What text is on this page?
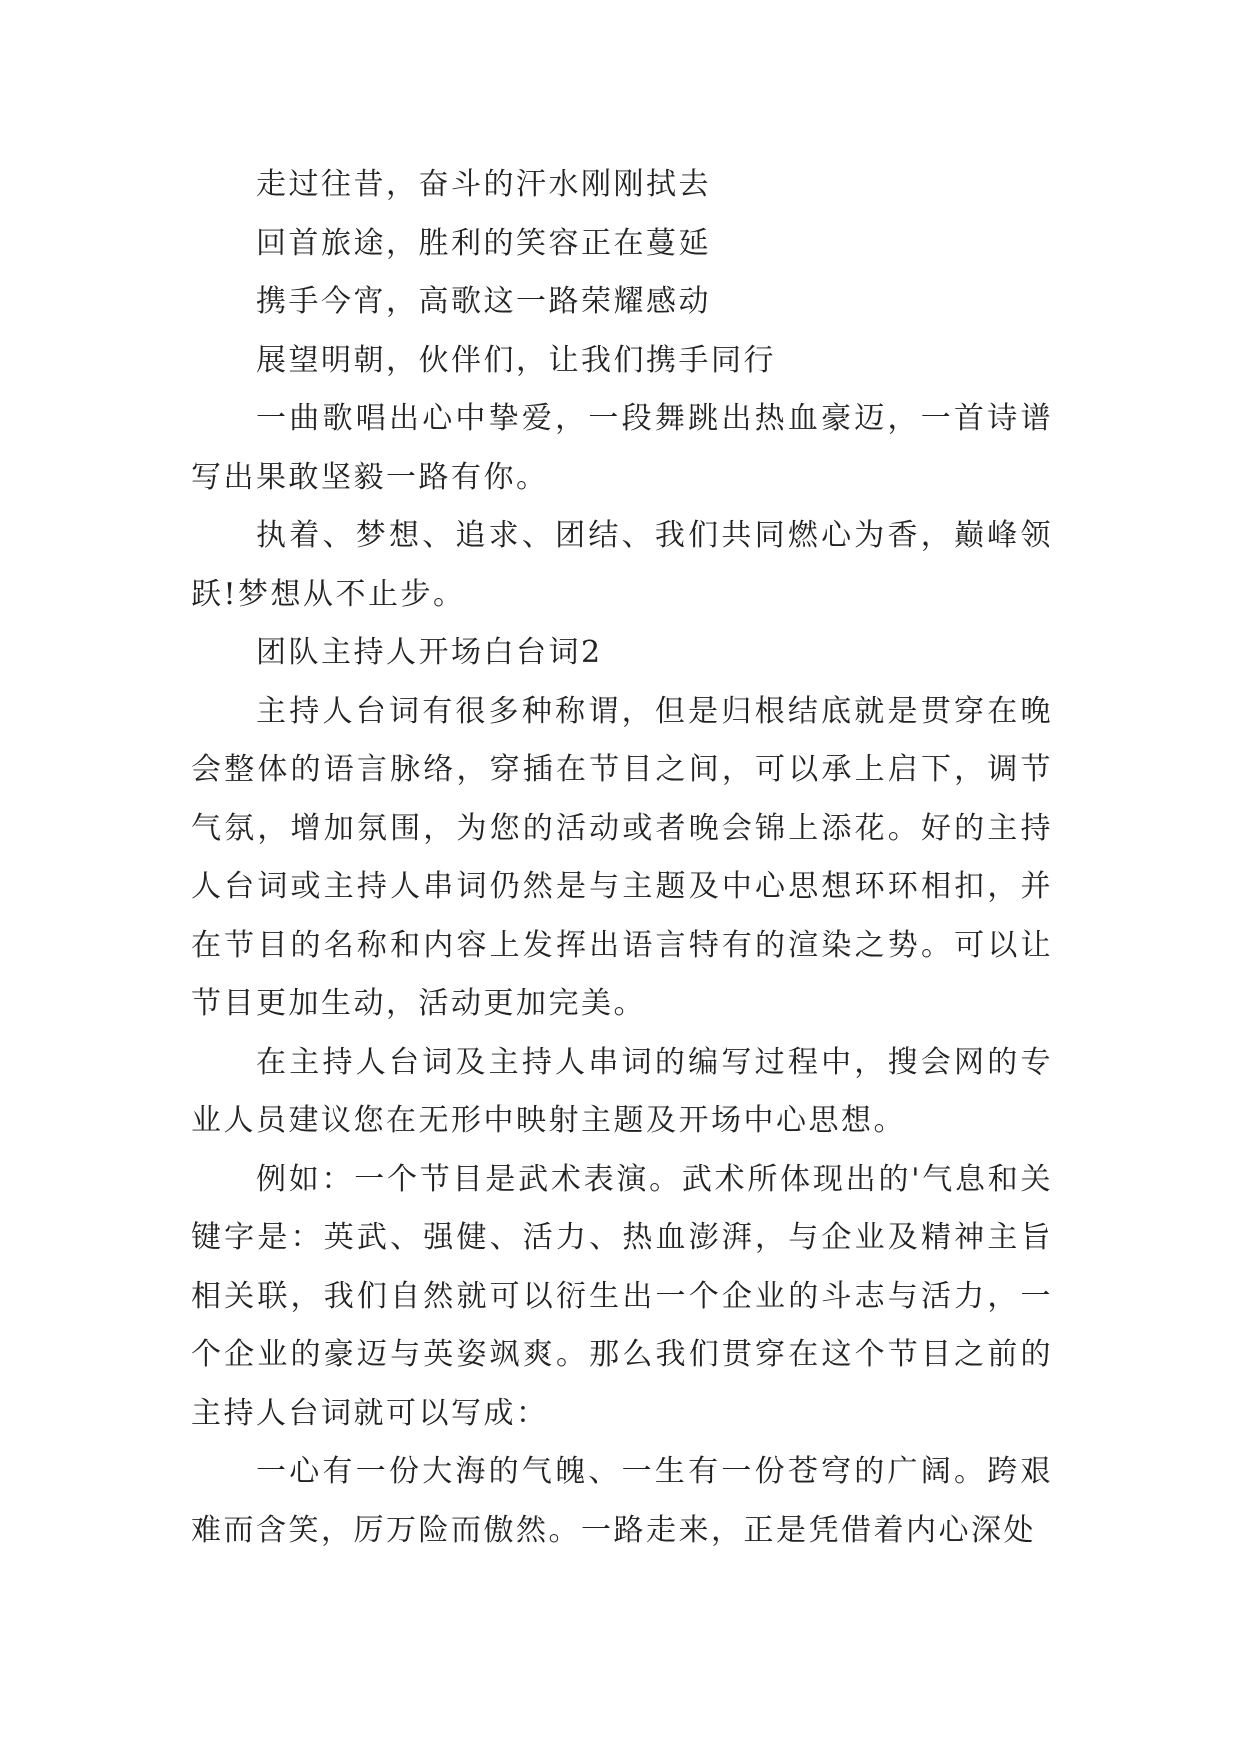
走过往昔，奋斗的汗水刚刚拭去

回首旅途，胜利的笑容正在蔓延

携手今宵，高歌这一路荣耀感动

展望明朝，伙伴们，让我们携手同行

一曲歌唱出心中挚爱，一段舞跳出热血豪迈，一首诗谱写出果敢坚毅一路有你。

执着、梦想、追求、团结、我们共同燃心为香，巅峰领跃!梦想从不止步。

团队主持人开场白台词2

主持人台词有很多种称谓，但是归根结底就是贯穿在晚会整体的语言脉络，穿插在节目之间，可以承上启下，调节气氛，增加氛围，为您的活动或者晚会锦上添花。好的主持人台词或主持人串词仍然是与主题及中心思想环环相扣，并在节目的名称和内容上发挥出语言特有的渲染之势。可以让节目更加生动，活动更加完美。

在主持人台词及主持人串词的编写过程中，搜会网的专业人员建议您在无形中映射主题及开场中心思想。

例如：一个节目是武术表演。武术所体现出的'气息和关键字是：英武、强健、活力、热血澎湃，与企业及精神主旨相关联，我们自然就可以衍生出一个企业的斗志与活力，一个企业的豪迈与英姿飒爽。那么我们贯穿在这个节目之前的主持人台词就可以写成：

一心有一份大海的气魄、一生有一份苍穹的广阔。跨艰难而含笑，厉万险而傲然。一路走来，正是凭借着内心深处
